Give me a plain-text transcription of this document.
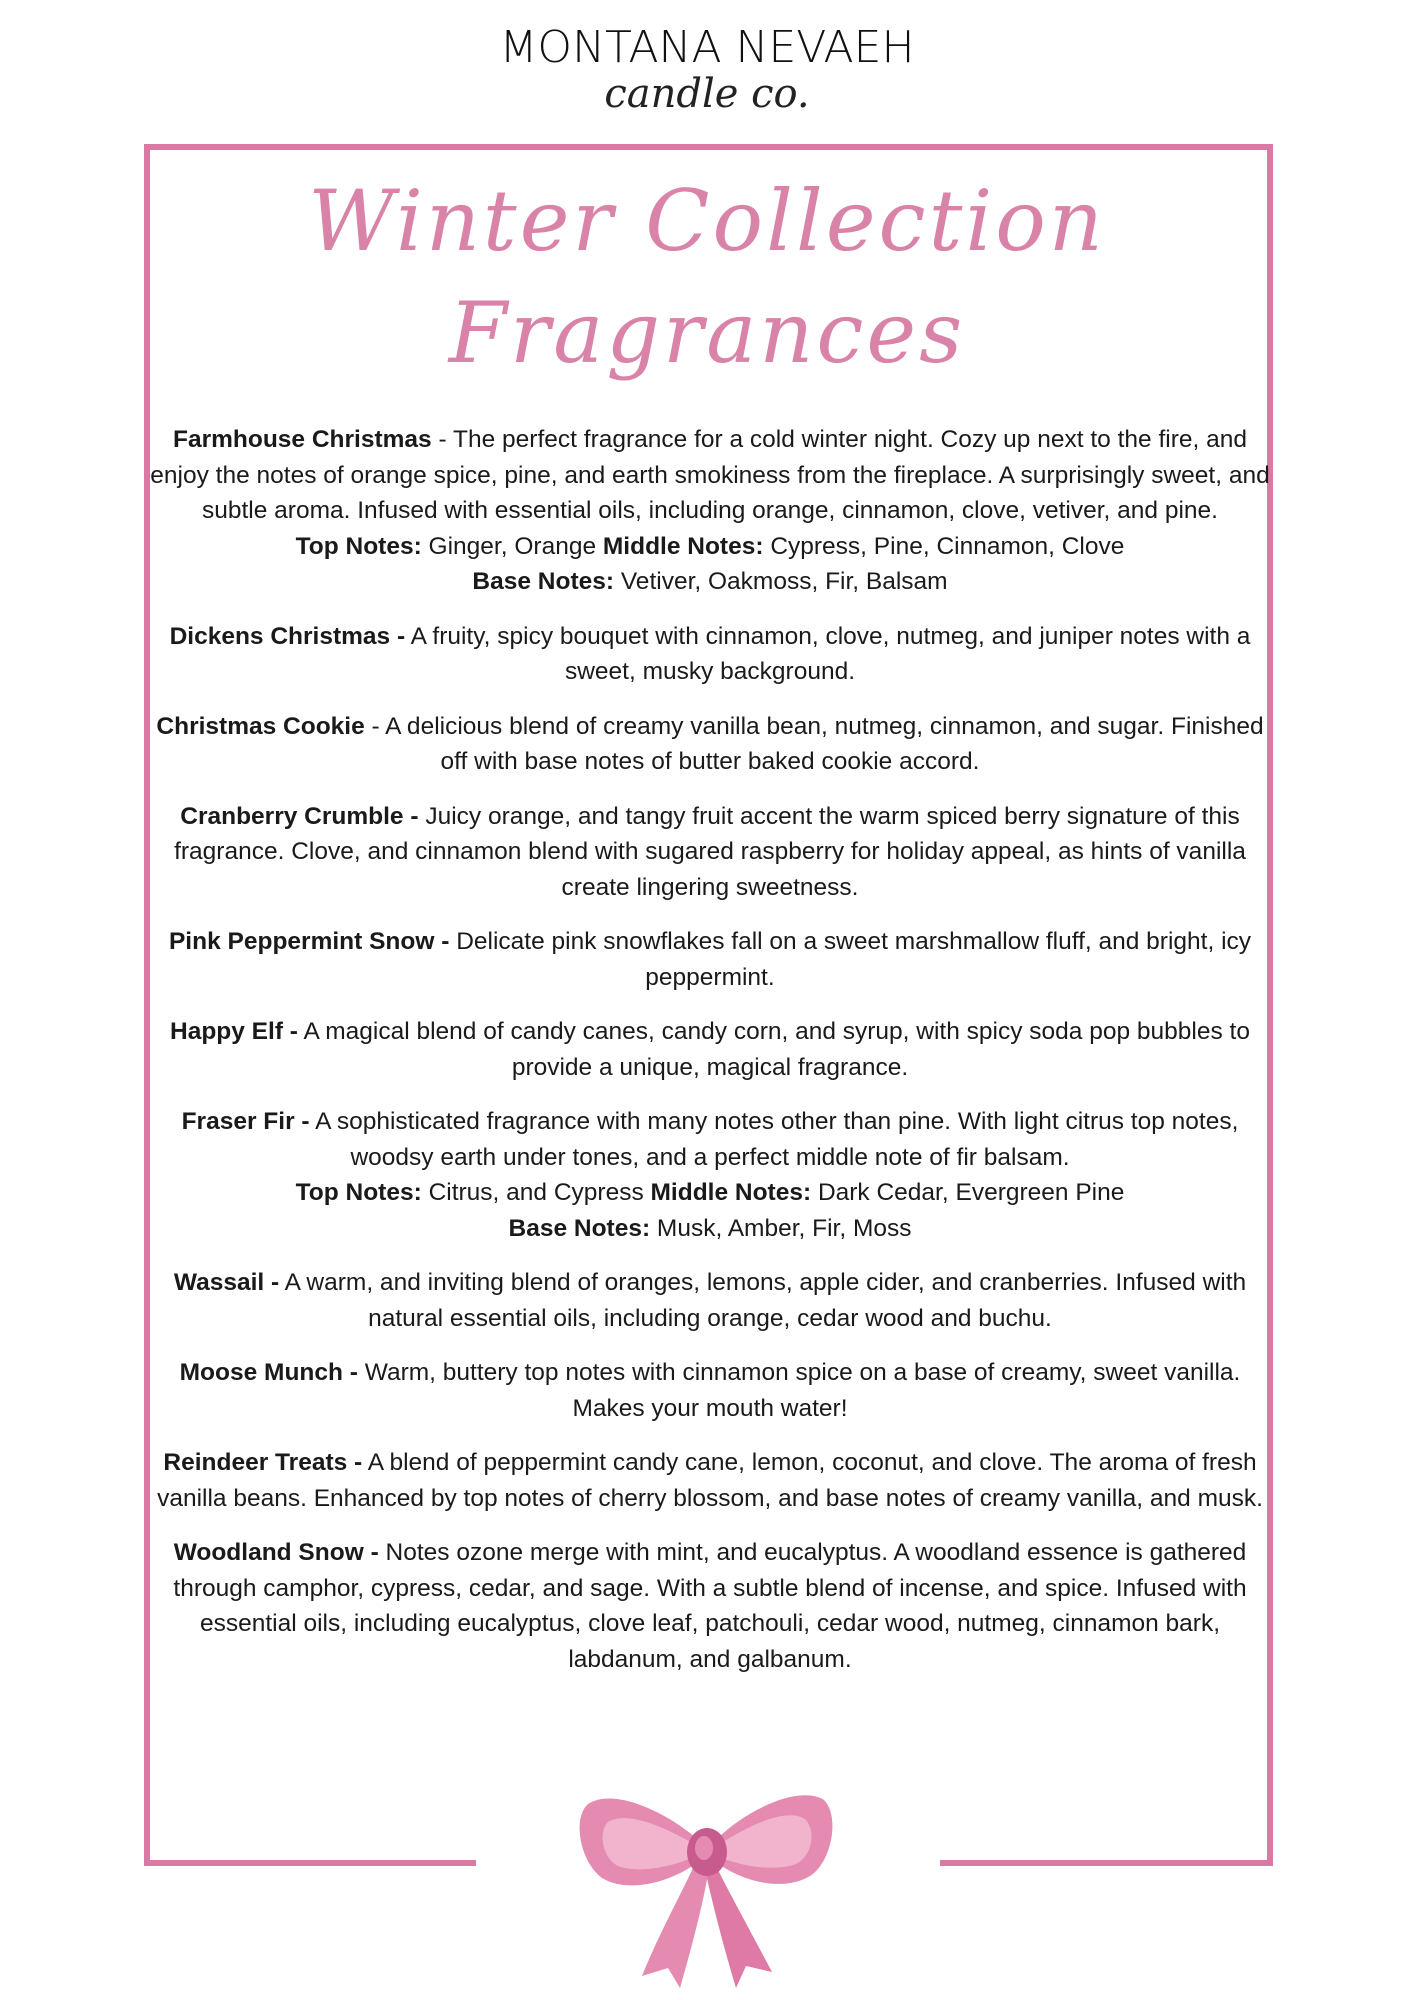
MONTANA NEVAEH
candle co.
Winter Collection
Fragrances
Farmhouse Christmas - The perfect fragrance for a cold winter night. Cozy up next to the fire, and enjoy the notes of orange spice, pine, and earth smokiness from the fireplace. A surprisingly sweet, and subtle aroma. Infused with essential oils, including orange, cinnamon, clove, vetiver, and pine.
Top Notes: Ginger, Orange Middle Notes: Cypress, Pine, Cinnamon, Clove
Base Notes: Vetiver, Oakmoss, Fir, Balsam
Dickens Christmas - A fruity, spicy bouquet with cinnamon, clove, nutmeg, and juniper notes with a sweet, musky background.
Christmas Cookie - A delicious blend of creamy vanilla bean, nutmeg, cinnamon, and sugar. Finished off with base notes of butter baked cookie accord.
Cranberry Crumble - Juicy orange, and tangy fruit accent the warm spiced berry signature of this fragrance. Clove, and cinnamon blend with sugared raspberry for holiday appeal, as hints of vanilla create lingering sweetness.
Pink Peppermint Snow - Delicate pink snowflakes fall on a sweet marshmallow fluff, and bright, icy peppermint.
Happy Elf - A magical blend of candy canes, candy corn, and syrup, with spicy soda pop bubbles to provide a unique, magical fragrance.
Fraser Fir - A sophisticated fragrance with many notes other than pine. With light citrus top notes, woodsy earth under tones, and a perfect middle note of fir balsam.
Top Notes: Citrus, and Cypress Middle Notes: Dark Cedar, Evergreen Pine
Base Notes: Musk, Amber, Fir, Moss
Wassail - A warm, and inviting blend of oranges, lemons, apple cider, and cranberries. Infused with natural essential oils, including orange, cedar wood and buchu.
Moose Munch - Warm, buttery top notes with cinnamon spice on a base of creamy, sweet vanilla. Makes your mouth water!
Reindeer Treats - A blend of peppermint candy cane, lemon, coconut, and clove. The aroma of fresh vanilla beans. Enhanced by top notes of cherry blossom, and base notes of creamy vanilla, and musk.
Woodland Snow - Notes ozone merge with mint, and eucalyptus. A woodland essence is gathered through camphor, cypress, cedar, and sage. With a subtle blend of incense, and spice. Infused with essential oils, including eucalyptus, clove leaf, patchouli, cedar wood, nutmeg, cinnamon bark, labdanum, and galbanum.
